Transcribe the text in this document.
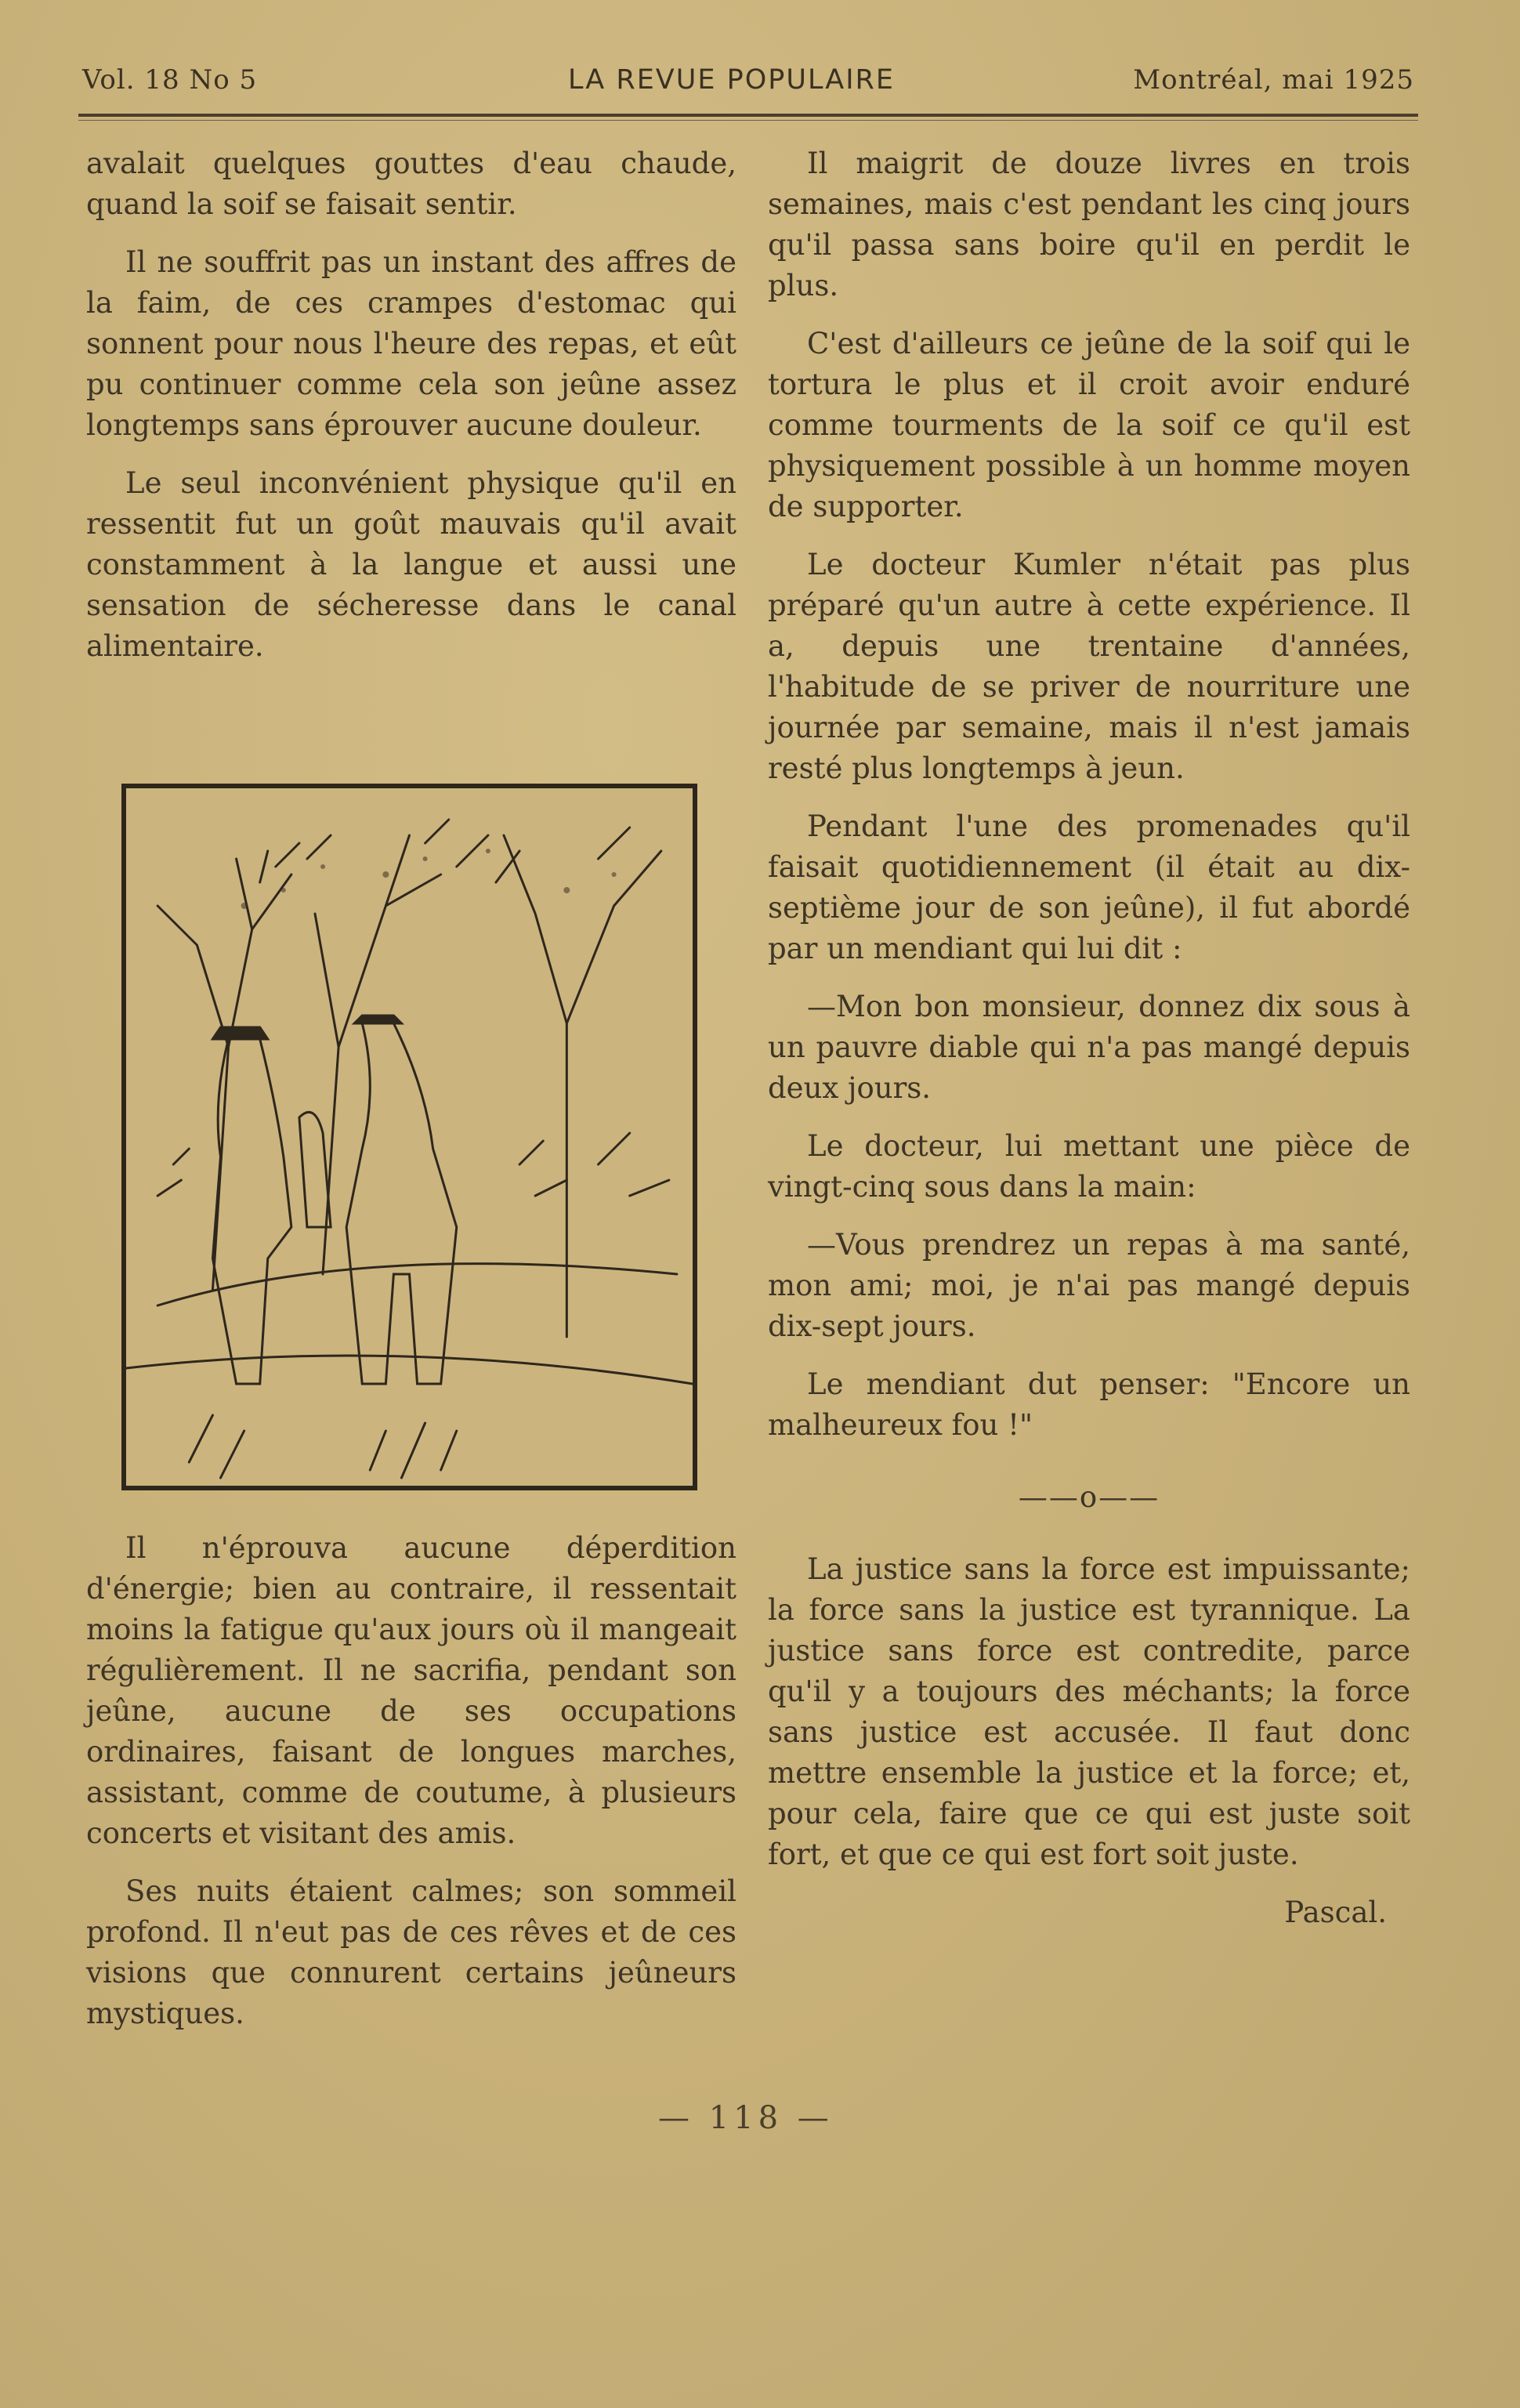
Vol. 18 No 5	LA REVUE POPULAIRE	Montréal, mai 1925

avalait quelques gouttes d'eau chaude, quand la soif se faisait sentir.

Il ne souffrit pas un instant des affres de la faim, de ces crampes d'estomac qui sonnent pour nous l'heure des repas, et eût pu continuer comme cela son jeûne assez longtemps sans éprouver aucune douleur.

Le seul inconvénient physique qu'il en ressentit fut un goût mauvais qu'il avait constamment à la langue et aussi une sensation de sécheresse dans le canal alimentaire.

Il n'éprouva aucune déperdition d'énergie; bien au contraire, il ressentait moins la fatigue qu'aux jours où il mangeait régulièrement. Il ne sacrifia, pendant son jeûne, aucune de ses occupations ordinaires, faisant de longues marches, assistant, comme de coutume, à plusieurs concerts et visitant des amis.

Ses nuits étaient calmes; son sommeil profond. Il n'eut pas de ces rêves et de ces visions que connurent certains jeûneurs mystiques.

Il maigrit de douze livres en trois semaines, mais c'est pendant les cinq jours qu'il passa sans boire qu'il en perdit le plus.

C'est d'ailleurs ce jeûne de la soif qui le tortura le plus et il croit avoir enduré comme tourments de la soif ce qu'il est physiquement possible à un homme moyen de supporter.

Le docteur Kumler n'était pas plus préparé qu'un autre à cette expérience. Il a, depuis une trentaine d'années, l'habitude de se priver de nourriture une journée par semaine, mais il n'est jamais resté plus longtemps à jeun.

Pendant l'une des promenades qu'il faisait quotidiennement (il était au dix-septième jour de son jeûne), il fut abordé par un mendiant qui lui dit :

—Mon bon monsieur, donnez dix sous à un pauvre diable qui n'a pas mangé depuis deux jours.

Le docteur, lui mettant une pièce de vingt-cinq sous dans la main:

—Vous prendrez un repas à ma santé, mon ami; moi, je n'ai pas mangé depuis dix-sept jours.

Le mendiant dut penser: "Encore un malheureux fou !"

——o——

La justice sans la force est impuissante; la force sans la justice est tyrannique. La justice sans force est contredite, parce qu'il y a toujours des méchants; la force sans justice est accusée. Il faut donc mettre ensemble la justice et la force; et, pour cela, faire que ce qui est juste soit fort, et que ce qui est fort soit juste.

Pascal.
— 118 —
